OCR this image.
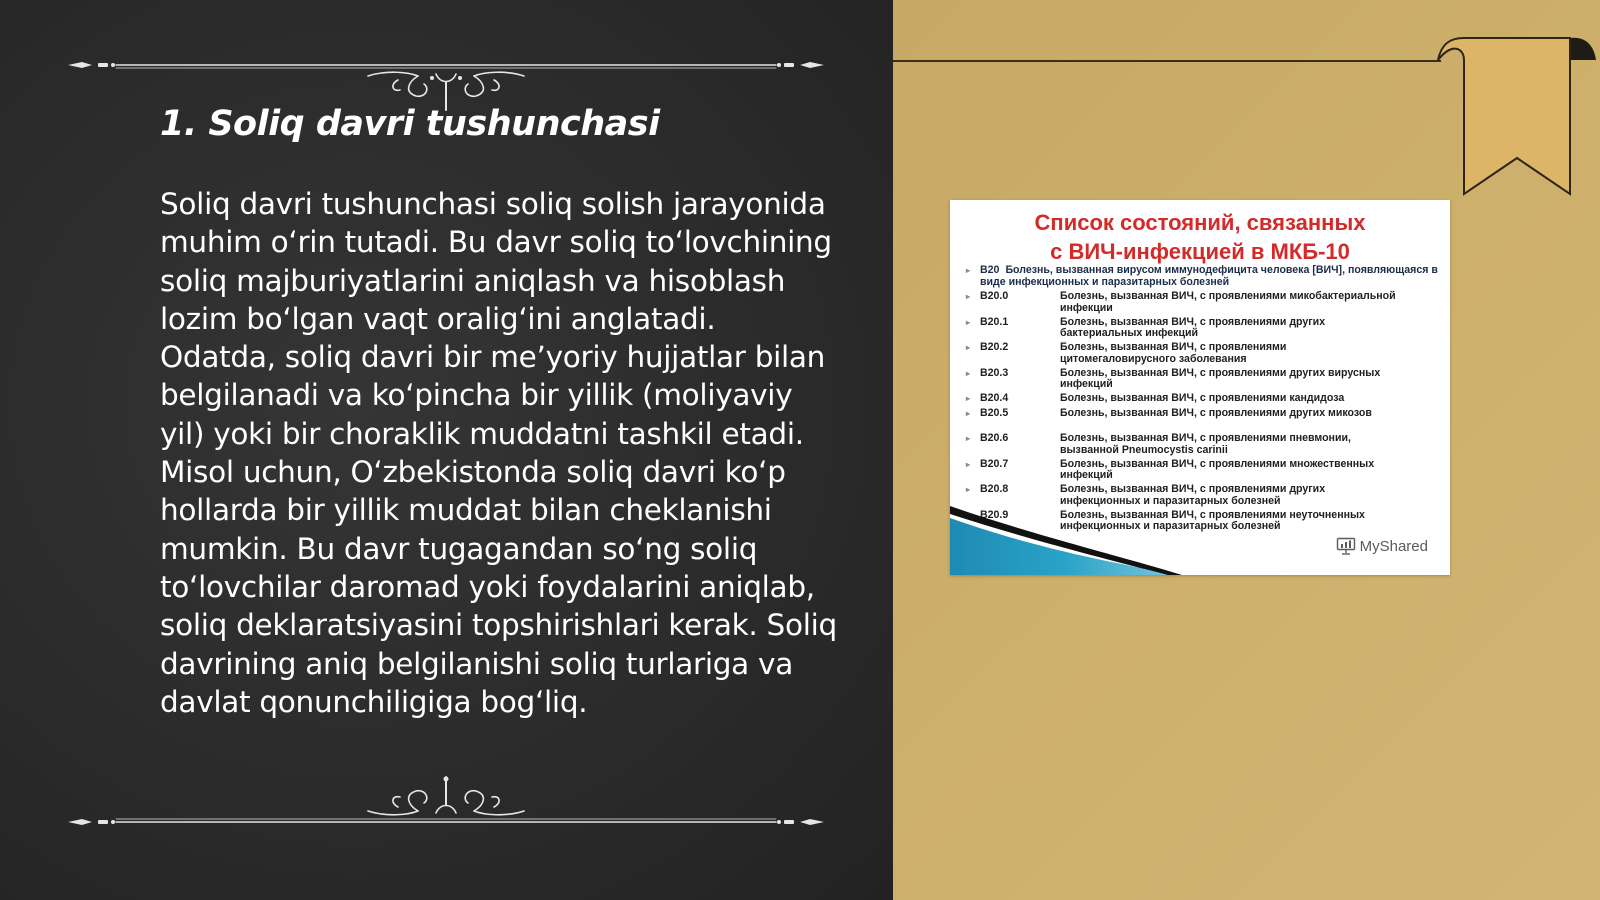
1. Soliq davri tushunchasi

Soliq davri tushunchasi soliq solish jarayonida muhim o‘rin tutadi. Bu davr soliq to‘lovchining soliq majburiyatlarini aniqlash va hisoblash lozim bo‘lgan vaqt oralig‘ini anglatadi. Odatda, soliq davri bir me’yoriy hujjatlar bilan belgilanadi va ko‘pincha bir yillik (moliyaviy yil) yoki bir choraklik muddatni tashkil etadi. Misol uchun, O‘zbekistonda soliq davri ko‘p hollarda bir yillik muddat bilan cheklanishi mumkin. Bu davr tugagandan so‘ng soliq to‘lovchilar daromad yoki foydalarini aniqlab, soliq deklaratsiyasini topshirishlari kerak. Soliq davrining aniq belgilanishi soliq turlariga va davlat qonunchiligiga bog‘liq.

Список состояний, связанных
с ВИЧ-инфекцией в МКБ-10
▸ B20 Болезнь, вызванная вирусом иммунодефицита человека [ВИЧ], появляющаяся в виде инфекционных и паразитарных болезней
▸ B20.0	Болезнь, вызванная ВИЧ, с проявлениями микобактериальной инфекции
▸ B20.1	Болезнь, вызванная ВИЧ, с проявлениями других бактериальных инфекций
▸ B20.2	Болезнь, вызванная ВИЧ, с проявлениями цитомегаловирусного заболевания
▸ B20.3	Болезнь, вызванная ВИЧ, с проявлениями других вирусных инфекций
▸ B20.4	Болезнь, вызванная ВИЧ, с проявлениями кандидоза
▸ B20.5	Болезнь, вызванная ВИЧ, с проявлениями других микозов
▸ B20.6	Болезнь, вызванная ВИЧ, с проявлениями пневмонии, вызванной Pneumocystis carinii
▸ B20.7	Болезнь, вызванная ВИЧ, с проявлениями множественных инфекций
▸ B20.8	Болезнь, вызванная ВИЧ, с проявлениями других инфекционных и паразитарных болезней
B20.9	Болезнь, вызванная ВИЧ, с проявлениями неуточненных инфекционных и паразитарных болезней
MyShared
